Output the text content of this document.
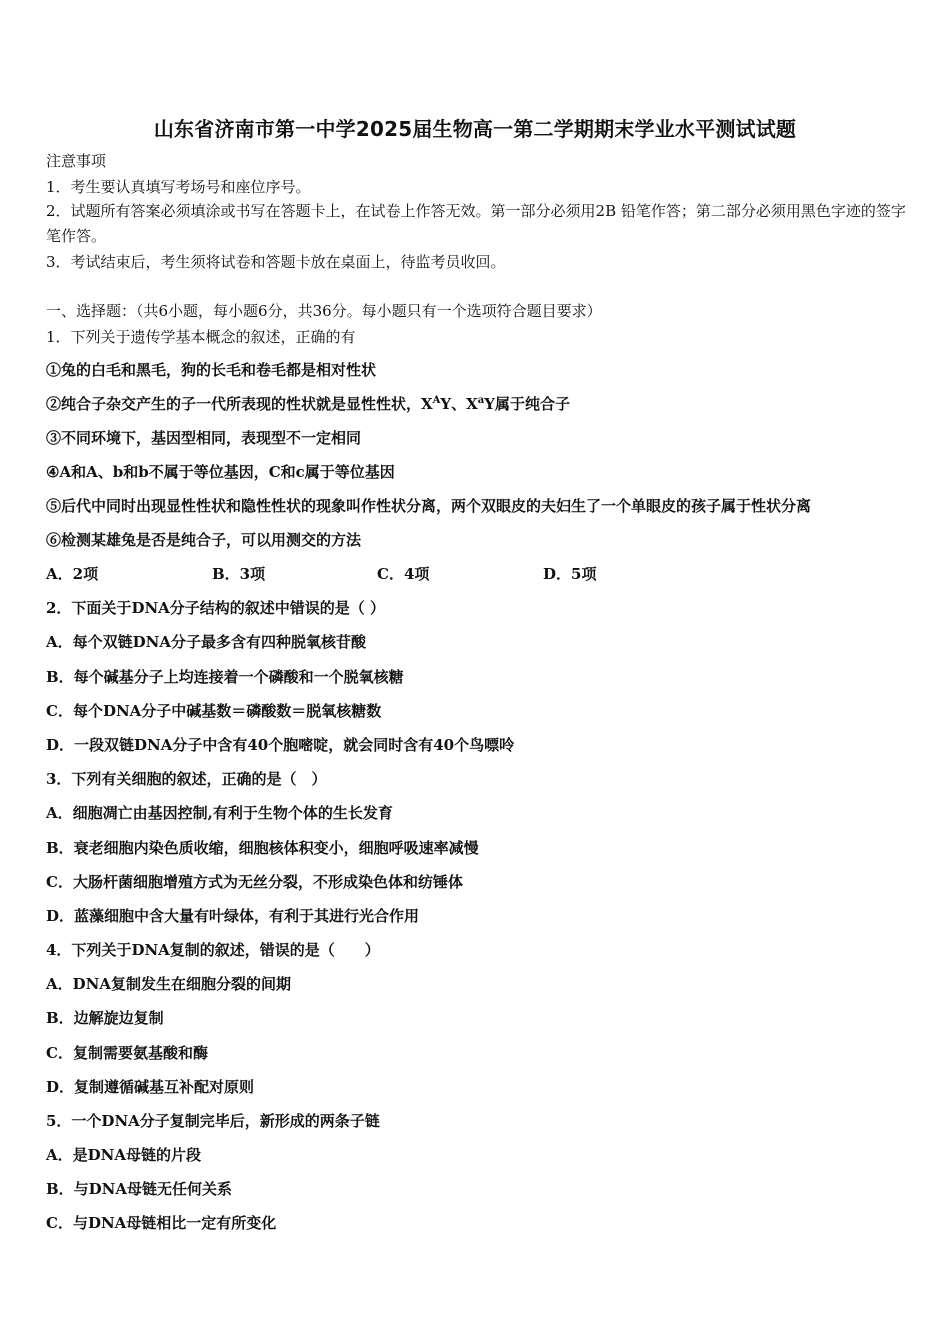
山东省济南市第一中学2025届生物高一第二学期期末学业水平测试试题
注意事项
1．考生要认真填写考场号和座位序号。
2．试题所有答案必须填涂或书写在答题卡上，在试卷上作答无效。第一部分必须用2B 铅笔作答；第二部分必须用黑色字迹的签字笔作答。
3．考试结束后，考生须将试卷和答题卡放在桌面上，待监考员收回。
一、选择题：（共6小题，每小题6分，共36分。每小题只有一个选项符合题目要求）
1．下列关于遗传学基本概念的叙述，正确的有
①兔的白毛和黑毛，狗的长毛和卷毛都是相对性状
②纯合子杂交产生的子一代所表现的性状就是显性性状，$X^AY$、$X^aY$属于纯合子
③不同环境下，基因型相同，表现型不一定相同
④A和A、b和b不属于等位基因，C和c属于等位基因
⑤后代中同时出现显性性状和隐性性状的现象叫作性状分离，两个双眼皮的夫妇生了一个单眼皮的孩子属于性状分离
⑥检测某雄兔是否是纯合子，可以用测交的方法
A．2项	B．3项	C．4项	D．5项
2．下面关于DNA分子结构的叙述中错误的是（ ）
A．每个双链DNA分子最多含有四种脱氧核苷酸
B．每个碱基分子上均连接着一个磷酸和一个脱氧核糖
C．每个DNA分子中碱基数＝磷酸数＝脱氧核糖数
D．一段双链DNA分子中含有40个胞嘧啶，就会同时含有40个鸟嘌呤
3．下列有关细胞的叙述，正确的是（　）
A．细胞凋亡由基因控制,有利于生物个体的生长发育
B．衰老细胞内染色质收缩，细胞核体积变小，细胞呼吸速率减慢
C．大肠杆菌细胞增殖方式为无丝分裂，不形成染色体和纺锤体
D．蓝藻细胞中含大量有叶绿体，有利于其进行光合作用
4．下列关于DNA复制的叙述，错误的是（　　）
A．DNA复制发生在细胞分裂的间期
B．边解旋边复制
C．复制需要氨基酸和酶
D．复制遵循碱基互补配对原则
5．一个DNA分子复制完毕后，新形成的两条子链
A．是DNA母链的片段
B．与DNA母链无任何关系
C．与DNA母链相比一定有所变化
